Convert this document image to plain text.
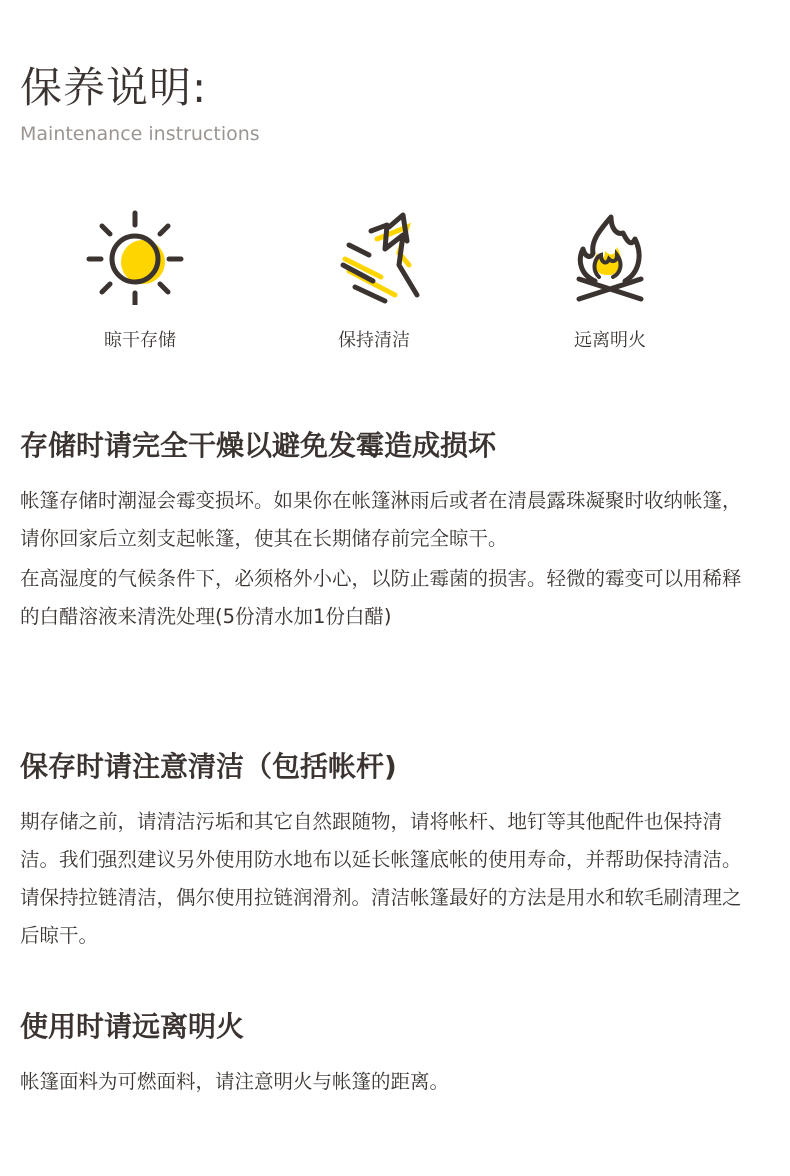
保养说明:
Maintenance instructions
晾干存储	保持清洁	远离明火
存储时请完全干燥以避免发霉造成损坏

帐篷存储时潮湿会霉变损坏。如果你在帐篷淋雨后或者在清晨露珠凝聚时收纳帐篷，请你回家后立刻支起帐篷，使其在长期储存前完全晾干。

在高湿度的气候条件下，必须格外小心，以防止霉菌的损害。轻微的霉变可以用稀释的白醋溶液来清洗处理(5份清水加1份白醋)

保存时请注意清洁（包括帐杆)

期存储之前，请清洁污垢和其它自然跟随物，请将帐杆、地钉等其他配件也保持清洁。我们强烈建议另外使用防水地布以延长帐篷底帐的使用寿命，并帮助保持清洁。请保持拉链清洁，偶尔使用拉链润滑剂。清洁帐篷最好的方法是用水和软毛刷清理之后晾干。

使用时请远离明火

帐篷面料为可燃面料，请注意明火与帐篷的距离。
